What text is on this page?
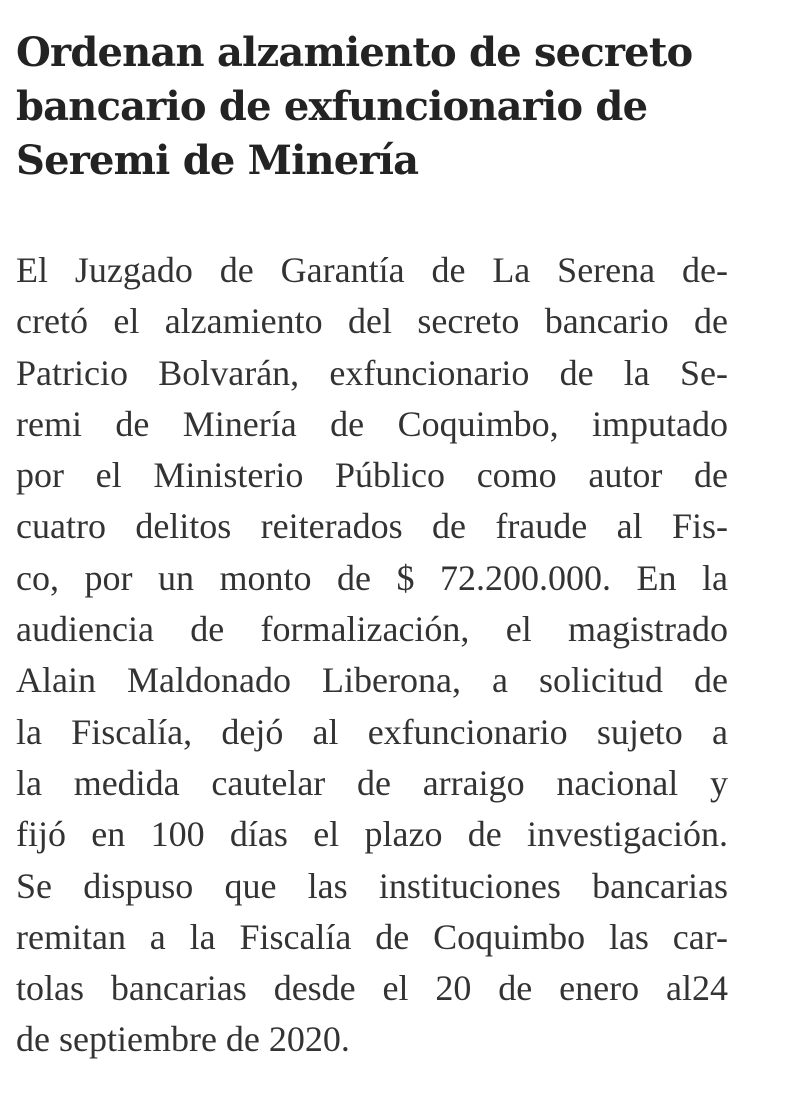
Ordenan alzamiento de secreto
bancario de exfuncionario de
Seremi de Minería
El Juzgado de Garantía de La Serena de-
cretó el alzamiento del secreto bancario de
Patricio Bolvarán, exfuncionario de la Se-
remi de Minería de Coquimbo, imputado
por el Ministerio Público como autor de
cuatro delitos reiterados de fraude al Fis-
co, por un monto de $ 72.200.000. En la
audiencia de formalización, el magistrado
Alain Maldonado Liberona, a solicitud de
la Fiscalía, dejó al exfuncionario sujeto a
la medida cautelar de arraigo nacional y
fijó en 100 días el plazo de investigación.
Se dispuso que las instituciones bancarias
remitan a la Fiscalía de Coquimbo las car-
tolas bancarias desde el 20 de enero al24
de septiembre de 2020.
